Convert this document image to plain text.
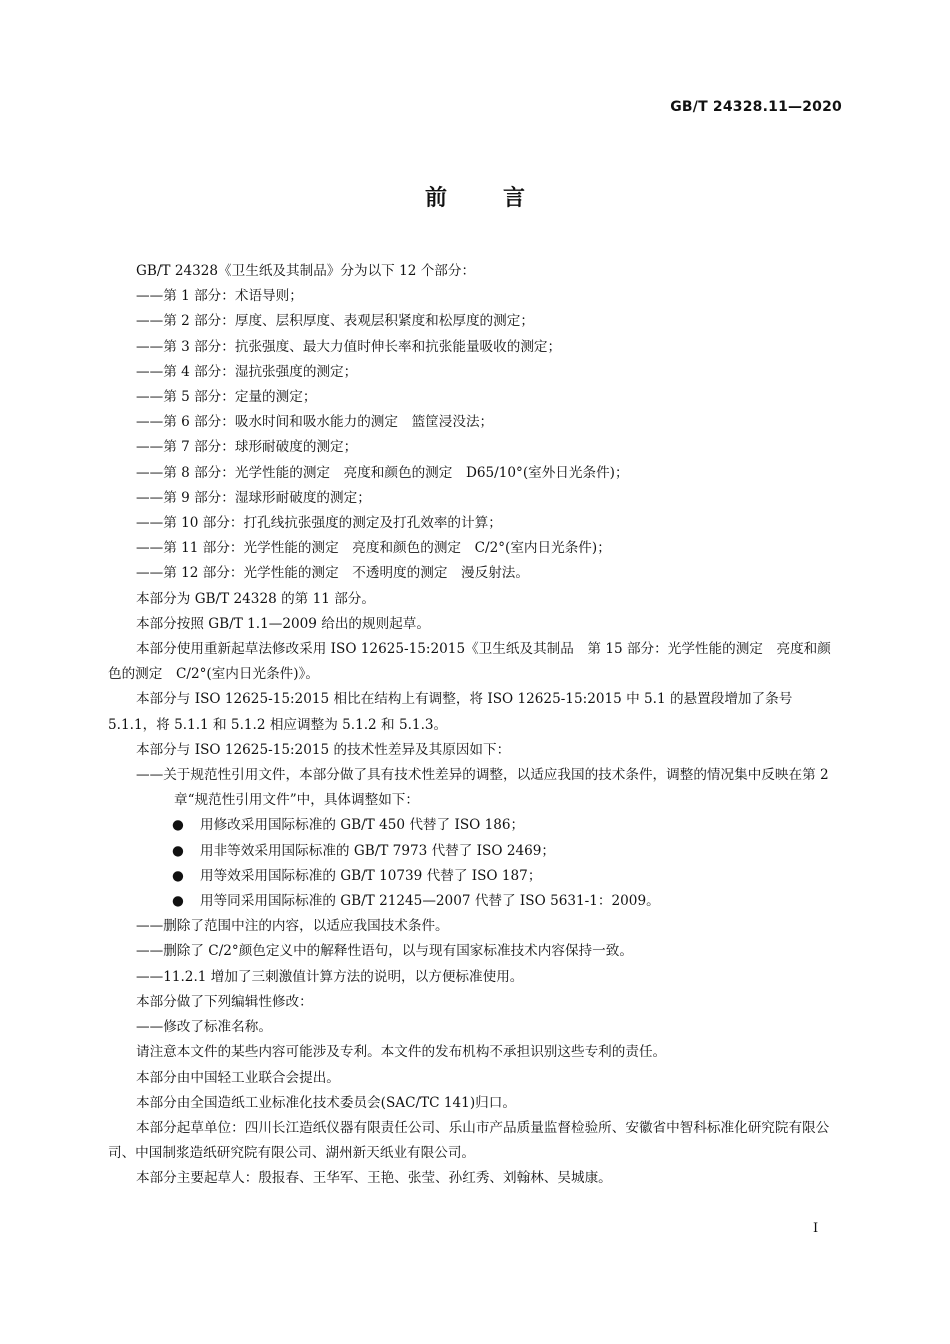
GB/T 24328.11—2020
前言

GB/T 24328《卫生纸及其制品》分为以下 12 个部分：

——第 1 部分：术语导则；

——第 2 部分：厚度、层积厚度、表观层积紧度和松厚度的测定；

——第 3 部分：抗张强度、最大力值时伸长率和抗张能量吸收的测定；

——第 4 部分：湿抗张强度的测定；

——第 5 部分：定量的测定；

——第 6 部分：吸水时间和吸水能力的测定　篮筐浸没法；

——第 7 部分：球形耐破度的测定；

——第 8 部分：光学性能的测定　亮度和颜色的测定　D65/10°(室外日光条件)；

——第 9 部分：湿球形耐破度的测定；

——第 10 部分：打孔线抗张强度的测定及打孔效率的计算；

——第 11 部分：光学性能的测定　亮度和颜色的测定　C/2°(室内日光条件)；

——第 12 部分：光学性能的测定　不透明度的测定　漫反射法。

本部分为 GB/T 24328 的第 11 部分。

本部分按照 GB/T 1.1—2009 给出的规则起草。

本部分使用重新起草法修改采用 ISO 12625-15:2015《卫生纸及其制品　第 15 部分：光学性能的测定　亮度和颜色的测定　C/2°(室内日光条件)》。

本部分与 ISO 12625-15:2015 相比在结构上有调整，将 ISO 12625-15:2015 中 5.1 的悬置段增加了条号 5.1.1，将 5.1.1 和 5.1.2 相应调整为 5.1.2 和 5.1.3。

本部分与 ISO 12625-15:2015 的技术性差异及其原因如下：

——关于规范性引用文件，本部分做了具有技术性差异的调整，以适应我国的技术条件，调整的情况集中反映在第 2 章“规范性引用文件”中，具体调整如下：

● 用修改采用国际标准的 GB/T 450 代替了 ISO 186；
● 用非等效采用国际标准的 GB/T 7973 代替了 ISO 2469；
● 用等效采用国际标准的 GB/T 10739 代替了 ISO 187；
● 用等同采用国际标准的 GB/T 21245—2007 代替了 ISO 5631-1：2009。

——删除了范围中注的内容，以适应我国技术条件。

——删除了 C/2°颜色定义中的解释性语句，以与现有国家标准技术内容保持一致。

——11.2.1 增加了三刺激值计算方法的说明，以方便标准使用。

本部分做了下列编辑性修改：

——修改了标准名称。

请注意本文件的某些内容可能涉及专利。本文件的发布机构不承担识别这些专利的责任。

本部分由中国轻工业联合会提出。

本部分由全国造纸工业标准化技术委员会(SAC/TC 141)归口。

本部分起草单位：四川长江造纸仪器有限责任公司、乐山市产品质量监督检验所、安徽省中智科标准化研究院有限公司、中国制浆造纸研究院有限公司、湖州新天纸业有限公司。

本部分主要起草人：殷报春、王华军、王艳、张莹、孙红秀、刘翰林、吴城康。

I
